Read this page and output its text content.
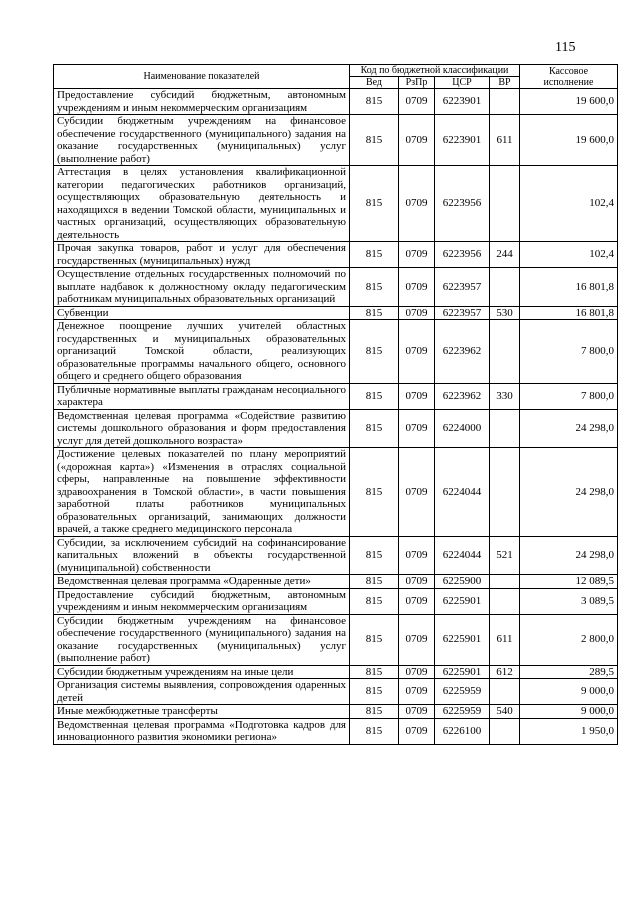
115
Наименование показателей	Код по бюджетной классификации				Кассовое исполнение
	Вед	РзПр	ЦСР	ВР	
Предоставление субсидий бюджетным, автономным учреждениям и иным некоммерческим организациям	815	0709	6223901		19 600,0
Субсидии бюджетным учреждениям на финансовое обеспечение государственного (муниципального) задания на оказание государственных (муниципальных) услуг (выполнение работ)	815	0709	6223901	611	19 600,0
Аттестация в целях установления квалификационной категории педагогических работников организаций, осуществляющих образовательную деятельность и находящихся в ведении Томской области, муниципальных и частных организаций, осуществляющих образовательную деятельность	815	0709	6223956		102,4
Прочая закупка товаров, работ и услуг для обеспечения государственных (муниципальных) нужд	815	0709	6223956	244	102,4
Осуществление отдельных государственных полномочий по выплате надбавок к должностному окладу педагогическим работникам муниципальных образовательных организаций	815	0709	6223957		16 801,8
Субвенции	815	0709	6223957	530	16 801,8
Денежное поощрение лучших учителей областных государственных и муниципальных образовательных организаций Томской области, реализующих образовательные программы начального общего, основного общего и среднего общего образования	815	0709	6223962		7 800,0
Публичные нормативные выплаты гражданам несоциального характера	815	0709	6223962	330	7 800,0
Ведомственная целевая программа «Содействие развитию системы дошкольного образования и форм предоставления услуг для детей дошкольного возраста»	815	0709	6224000		24 298,0
Достижение целевых показателей по плану мероприятий («дорожная карта») «Изменения в отраслях социальной сферы, направленные на повышение эффективности здравоохранения в Томской области», в части повышения заработной платы работников муниципальных образовательных организаций, занимающих должности врачей, а также среднего медицинского персонала	815	0709	6224044		24 298,0
Субсидии, за исключением субсидий на софинансирование капитальных вложений в объекты государственной (муниципальной) собственности	815	0709	6224044	521	24 298,0
Ведомственная целевая программа «Одаренные дети»	815	0709	6225900		12 089,5
Предоставление субсидий бюджетным, автономным учреждениям и иным некоммерческим организациям	815	0709	6225901		3 089,5
Субсидии бюджетным учреждениям на финансовое обеспечение государственного (муниципального) задания на оказание государственных (муниципальных) услуг (выполнение работ)	815	0709	6225901	611	2 800,0
Субсидии бюджетным учреждениям на иные цели	815	0709	6225901	612	289,5
Организация системы выявления, сопровождения одаренных детей	815	0709	6225959		9 000,0
Иные межбюджетные трансферты	815	0709	6225959	540	9 000,0
Ведомственная целевая программа «Подготовка кадров для инновационного развития экономики региона»	815	0709	6226100		1 950,0
